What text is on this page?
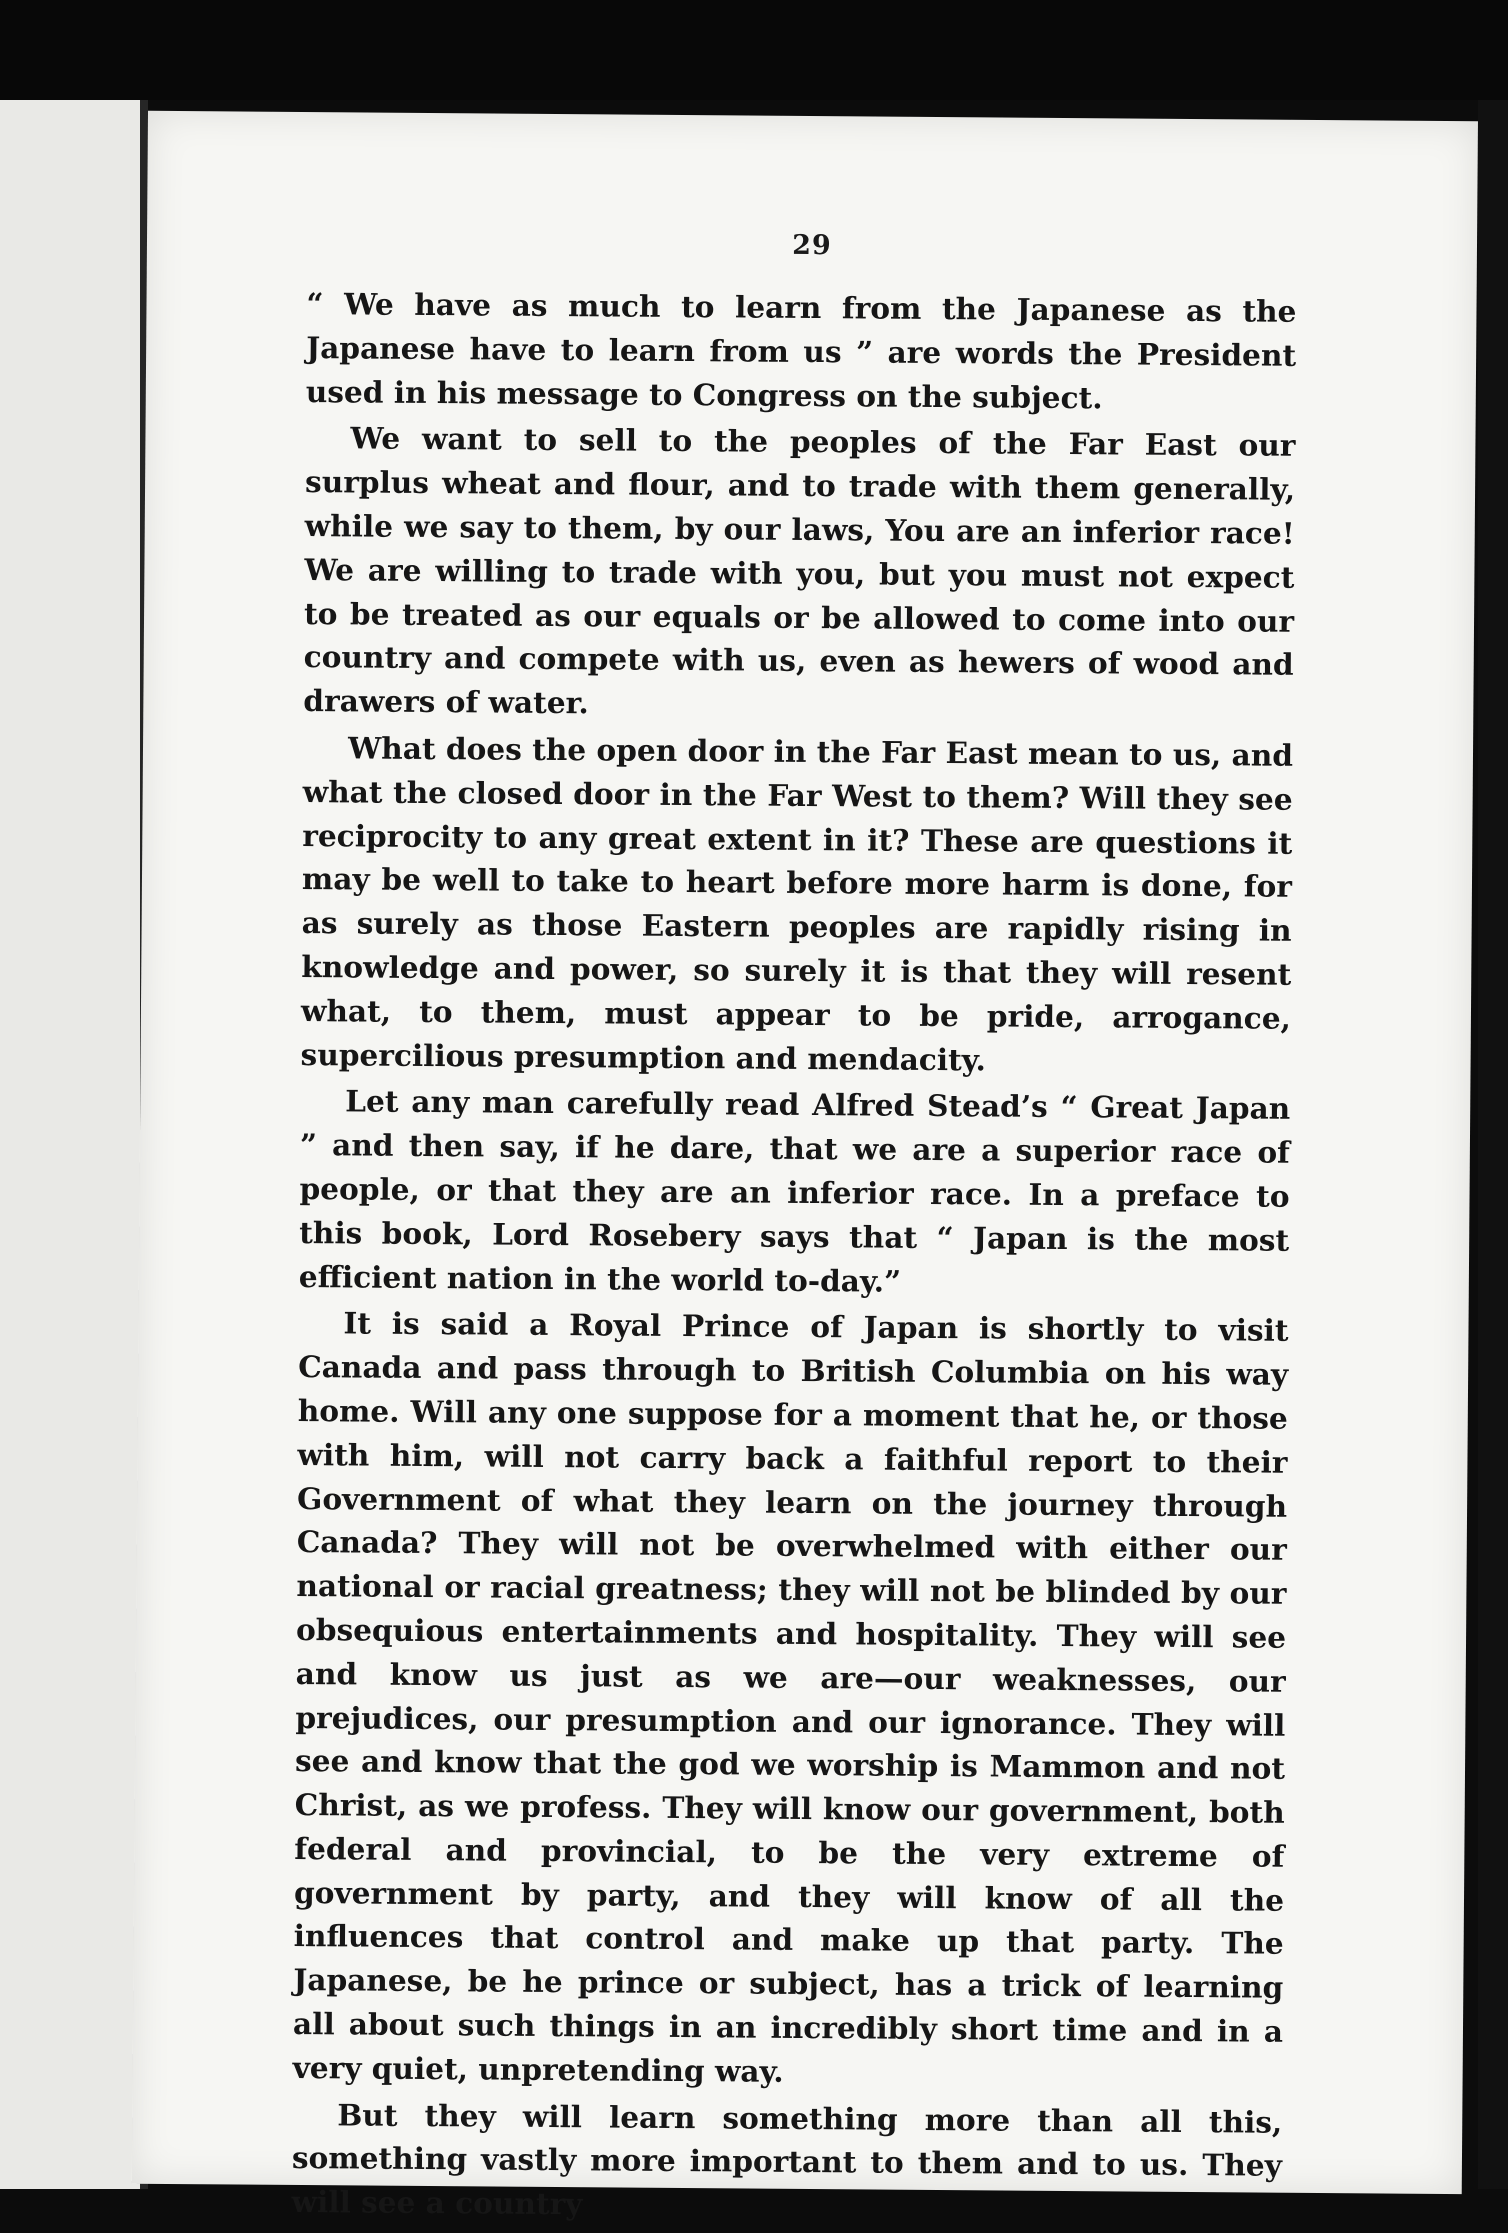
29

“ We have as much to learn from the Japanese as the Japanese have to learn from us ” are words the President used in his message to Congress on the subject.

We want to sell to the peoples of the Far East our surplus wheat and flour, and to trade with them generally, while we say to them, by our laws, You are an inferior race! We are willing to trade with you, but you must not expect to be treated as our equals or be allowed to come into our country and compete with us, even as hewers of wood and drawers of water.

What does the open door in the Far East mean to us, and what the closed door in the Far West to them? Will they see reciprocity to any great extent in it? These are questions it may be well to take to heart before more harm is done, for as surely as those Eastern peoples are rapidly rising in knowledge and power, so surely it is that they will resent what, to them, must appear to be pride, arrogance, supercilious presumption and mendacity.

Let any man carefully read Alfred Stead’s “ Great Japan ” and then say, if he dare, that we are a superior race of people, or that they are an inferior race. In a preface to this book, Lord Rosebery says that “ Japan is the most efficient nation in the world to-day.”

It is said a Royal Prince of Japan is shortly to visit Canada and pass through to British Columbia on his way home. Will any one suppose for a moment that he, or those with him, will not carry back a faithful report to their Government of what they learn on the journey through Canada? They will not be overwhelmed with either our national or racial greatness; they will not be blinded by our obsequious entertainments and hospitality. They will see and know us just as we are—our weaknesses, our prejudices, our presumption and our ignorance. They will see and know that the god we worship is Mammon and not Christ, as we profess. They will know our government, both federal and provincial, to be the very extreme of government by party, and they will know of all the influences that control and make up that party. The Japanese, be he prince or subject, has a trick of learning all about such things in an incredibly short time and in a very quiet, unpretending way.

But they will learn something more than all this, something vastly more important to them and to us. They will see a country
